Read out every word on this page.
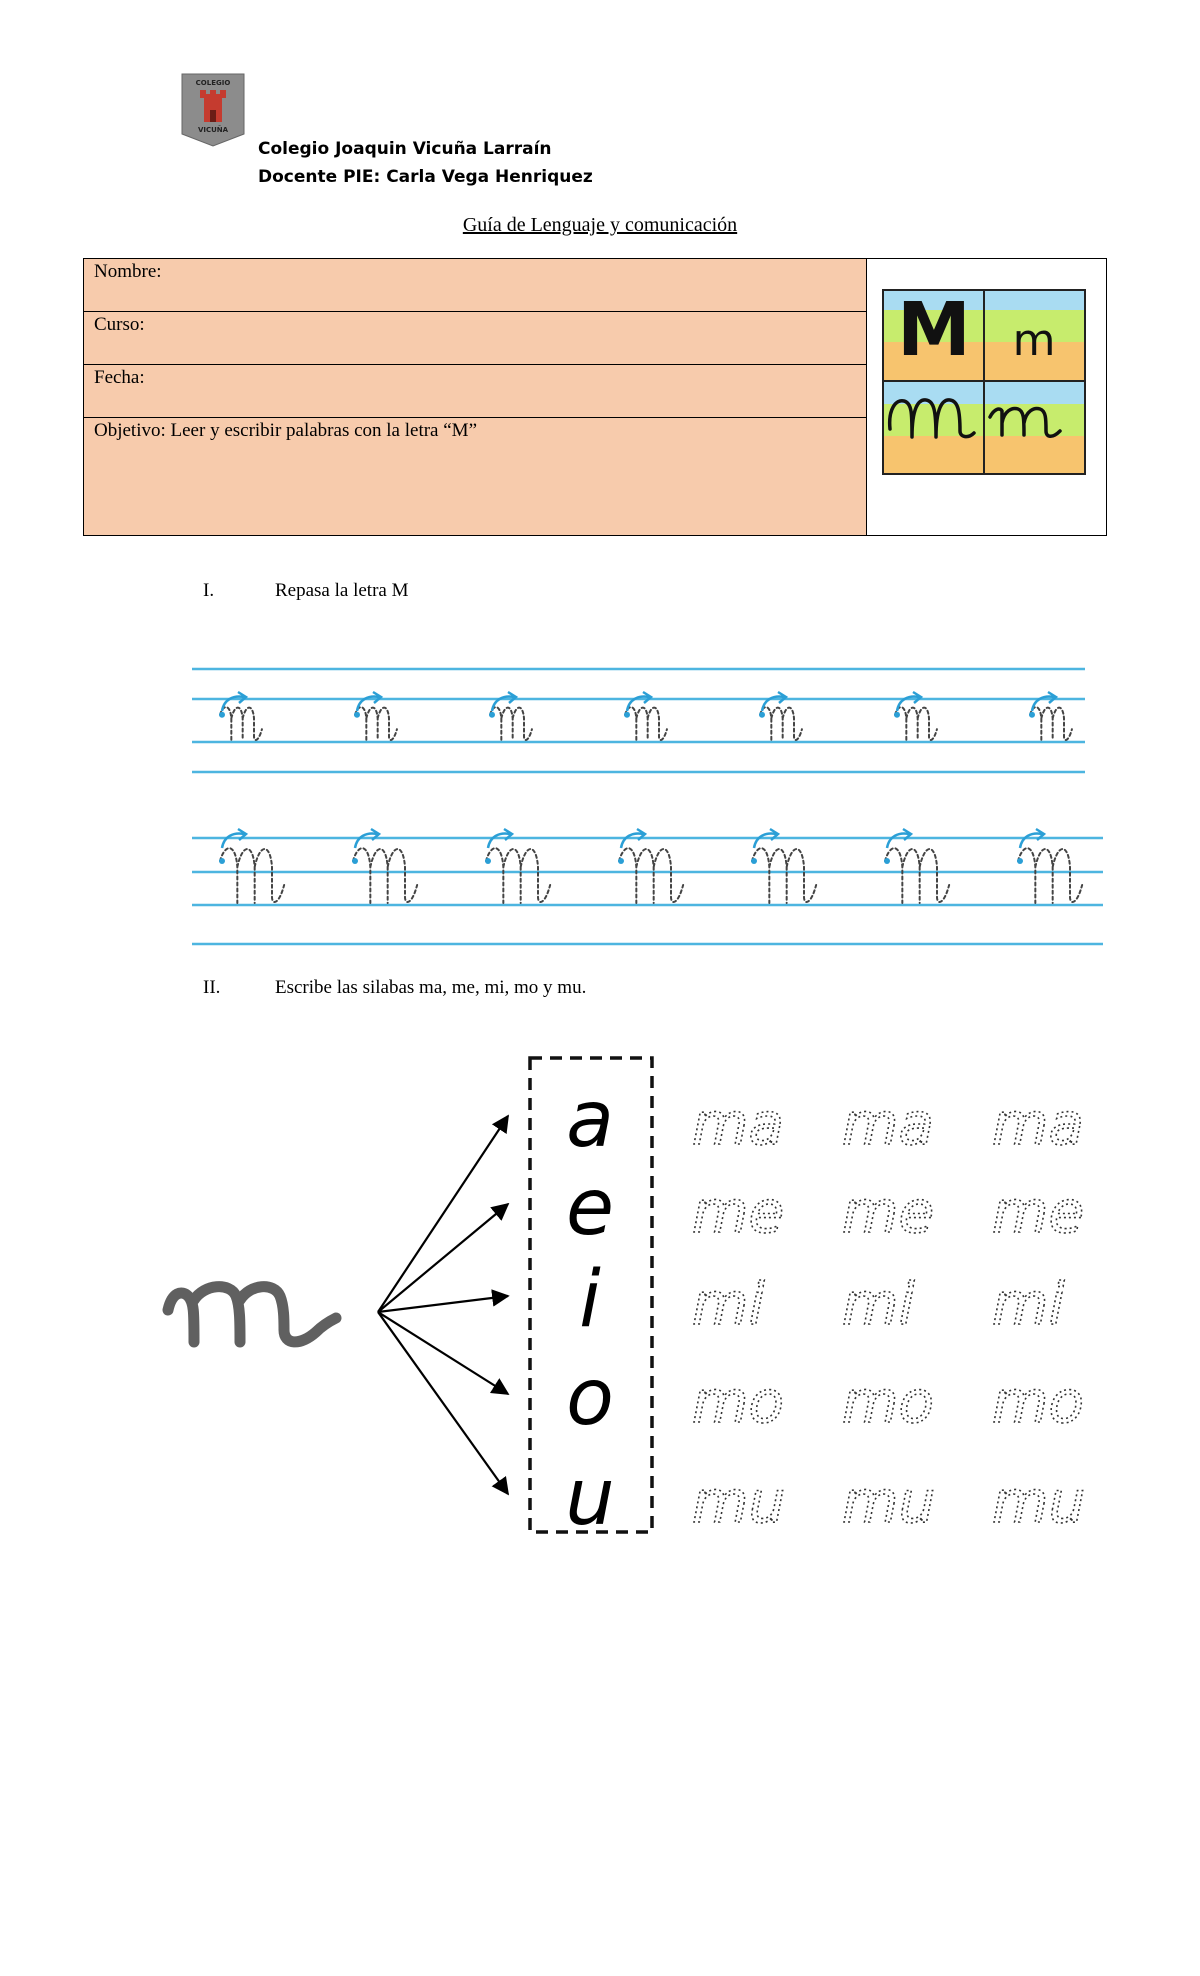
COLEGIO
VICUÑA
Colegio Joaquin Vicuña Larraín
Docente PIE: Carla Vega Henriquez
Guía de Lenguaje y comunicación
Nombre:
Curso:
Fecha:
Objetivo: Leer y escribir palabras con la letra “M”
M m
I.	Repasa la letra M
II.	Escribe las silabas ma, me, mi, mo y mu.
a
e
i
o
u
ma ma ma
me me me
mi mi mi
mo mo mo
mu mu mu
